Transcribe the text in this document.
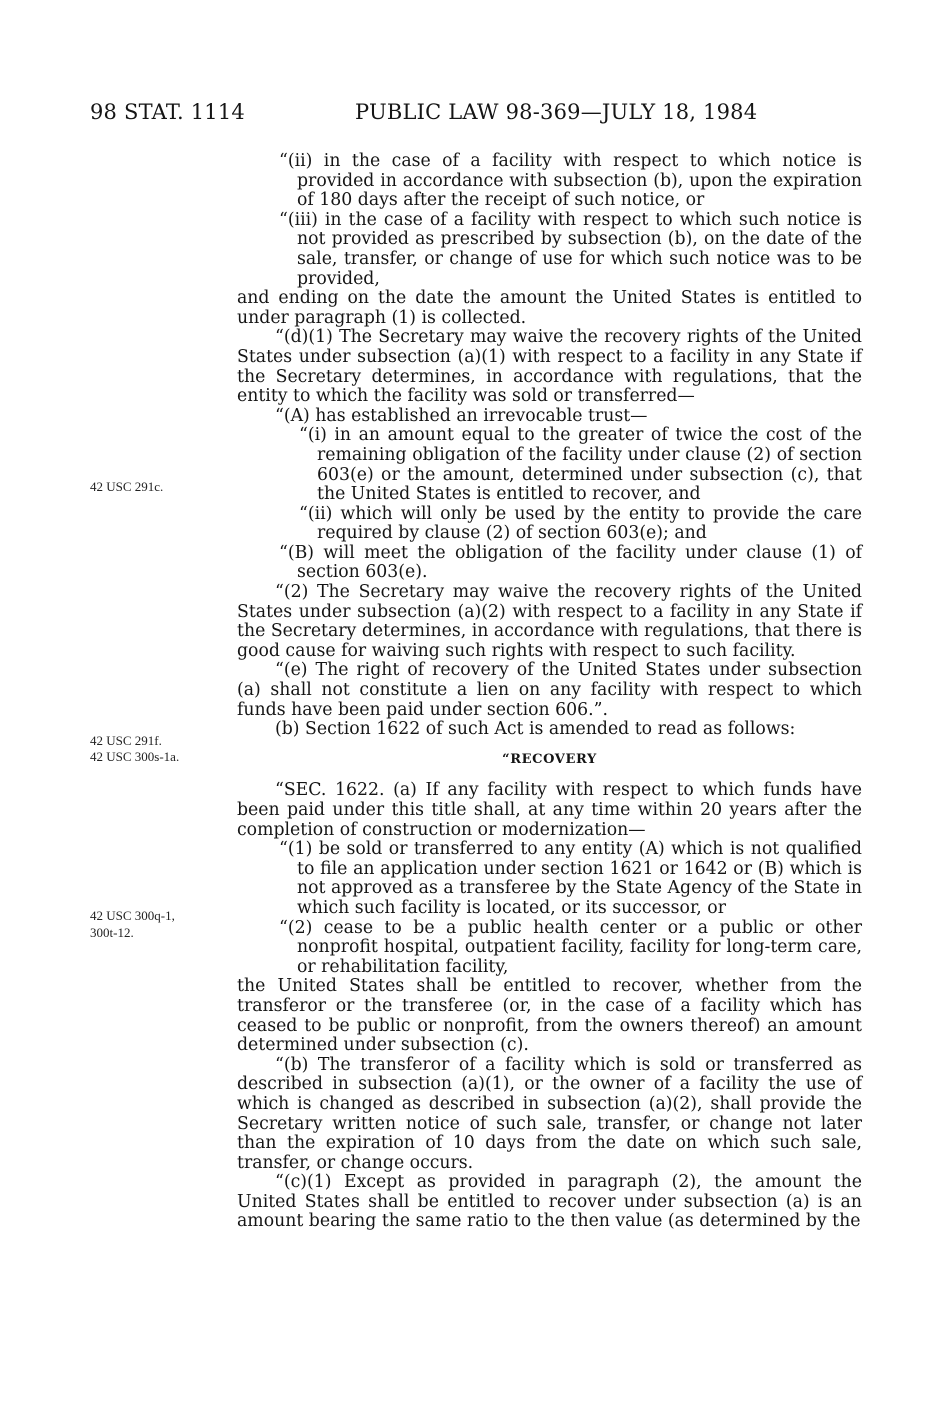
98 STAT. 1114	PUBLIC LAW 98-369—JULY 18, 1984
42 USC 291c.
42 USC 291f.
42 USC 300s-1a.
42 USC 300q-1,
300t-12.

“(ii) in the case of a facility with respect to which notice is provided in accordance with subsection (b), upon the expiration of 180 days after the receipt of such notice, or

“(iii) in the case of a facility with respect to which such notice is not provided as prescribed by subsection (b), on the date of the sale, transfer, or change of use for which such notice was to be provided,

and ending on the date the amount the United States is entitled to under paragraph (1) is collected.

“(d)(1) The Secretary may waive the recovery rights of the United States under subsection (a)(1) with respect to a facility in any State if the Secretary determines, in accordance with regulations, that the entity to which the facility was sold or transferred—

“(A) has established an irrevocable trust—

“(i) in an amount equal to the greater of twice the cost of the remaining obligation of the facility under clause (2) of section 603(e) or the amount, determined under subsection (c), that the United States is entitled to recover, and

“(ii) which will only be used by the entity to provide the care required by clause (2) of section 603(e); and

“(B) will meet the obligation of the facility under clause (1) of section 603(e).

“(2) The Secretary may waive the recovery rights of the United States under subsection (a)(2) with respect to a facility in any State if the Secretary determines, in accordance with regulations, that there is good cause for waiving such rights with respect to such facility.

“(e) The right of recovery of the United States under subsection (a) shall not constitute a lien on any facility with respect to which funds have been paid under section 606.”.

(b) Section 1622 of such Act is amended to read as follows:

“RECOVERY

“SEC. 1622. (a) If any facility with respect to which funds have been paid under this title shall, at any time within 20 years after the completion of construction or modernization—

“(1) be sold or transferred to any entity (A) which is not qualified to file an application under section 1621 or 1642 or (B) which is not approved as a transferee by the State Agency of the State in which such facility is located, or its successor, or

“(2) cease to be a public health center or a public or other nonprofit hospital, outpatient facility, facility for long-term care, or rehabilitation facility,

the United States shall be entitled to recover, whether from the transferor or the transferee (or, in the case of a facility which has ceased to be public or nonprofit, from the owners thereof) an amount determined under subsection (c).

“(b) The transferor of a facility which is sold or transferred as described in subsection (a)(1), or the owner of a facility the use of which is changed as described in subsection (a)(2), shall provide the Secretary written notice of such sale, transfer, or change not later than the expiration of 10 days from the date on which such sale, transfer, or change occurs.

“(c)(1) Except as provided in paragraph (2), the amount the United States shall be entitled to recover under subsection (a) is an amount bearing the same ratio to the then value (as determined by the
